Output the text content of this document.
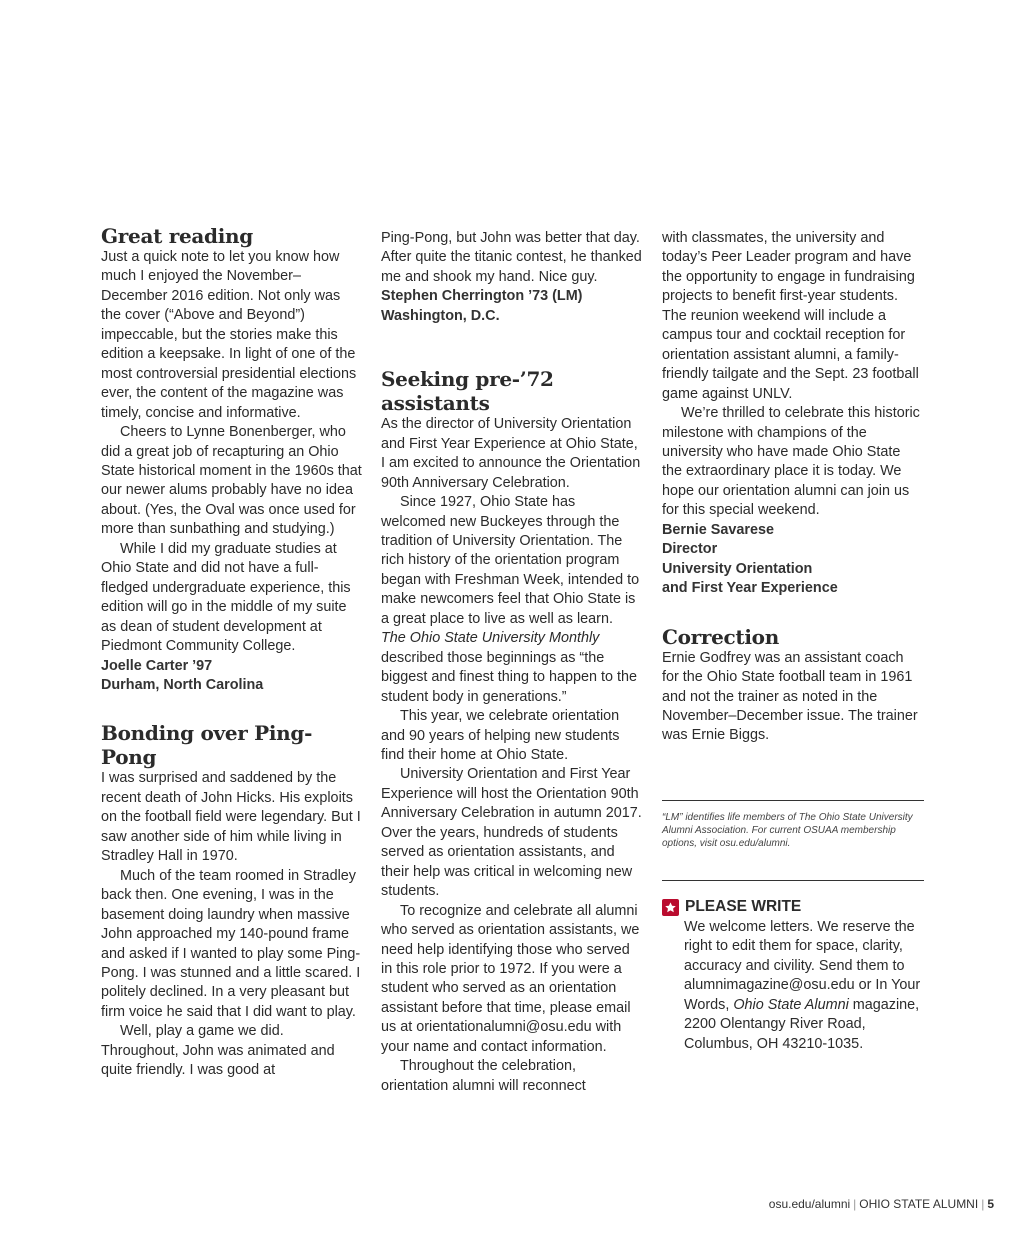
Great reading

Just a quick note to let you know how much I enjoyed the November–December 2016 edition. Not only was the cover (“Above and Beyond”) impeccable, but the stories make this edition a keepsake. In light of one of the most controversial presidential elections ever, the content of the magazine was timely, concise and informative.

Cheers to Lynne Bonenberger, who did a great job of recapturing an Ohio State historical moment in the 1960s that our newer alums probably have no idea about. (Yes, the Oval was once used for more than sunbathing and studying.)

While I did my graduate studies at Ohio State and did not have a full-fledged undergraduate experience, this edition will go in the middle of my suite as dean of student development at Piedmont Community College.

Joelle Carter ’97

Durham, North Carolina

Bonding over Ping-Pong

I was surprised and saddened by the recent death of John Hicks. His exploits on the football field were legendary. But I saw another side of him while living in Stradley Hall in 1970.

Much of the team roomed in Stradley back then. One evening, I was in the basement doing laundry when massive John approached my 140-pound frame and asked if I wanted to play some Ping-Pong. I was stunned and a little scared. I politely declined. In a very pleasant but firm voice he said that I did want to play.

Well, play a game we did. Throughout, John was animated and quite friendly. I was good at

Ping-Pong, but John was better that day. After quite the titanic contest, he thanked me and shook my hand. Nice guy.

Stephen Cherrington ’73 (LM)

Washington, D.C.

Seeking pre-’72 assistants

As the director of University Orientation and First Year Experience at Ohio State, I am excited to announce the Orientation 90th Anniversary Celebration.

Since 1927, Ohio State has welcomed new Buckeyes through the tradition of University Orientation. The rich history of the orientation program began with Freshman Week, intended to make newcomers feel that Ohio State is a great place to live as well as learn.

The Ohio State University Monthly described those beginnings as “the biggest and finest thing to happen to the student body in generations.”

This year, we celebrate orientation and 90 years of helping new students find their home at Ohio State.

University Orientation and First Year Experience will host the Orientation 90th Anniversary Celebration in autumn 2017. Over the years, hundreds of students served as orientation assistants, and their help was critical in welcoming new students.

To recognize and celebrate all alumni who served as orientation assistants, we need help identifying those who served in this role prior to 1972. If you were a student who served as an orientation assistant before that time, please email us at orientationalumni@osu.edu with your name and contact information.

Throughout the celebration, orientation alumni will reconnect

with classmates, the university and today’s Peer Leader program and have the opportunity to engage in fundraising projects to benefit first-year students. The reunion weekend will include a campus tour and cocktail reception for orientation assistant alumni, a family-friendly tailgate and the Sept. 23 football game against UNLV.

We’re thrilled to celebrate this historic milestone with champions of the university who have made Ohio State the extraordinary place it is today. We hope our orientation alumni can join us for this special weekend.

Bernie Savarese

Director

University Orientation

and First Year Experience

Correction

Ernie Godfrey was an assistant coach for the Ohio State football team in 1961 and not the trainer as noted in the November–December issue. The trainer was Ernie Biggs.

“LM” identifies life members of The Ohio State University Alumni Association. For current OSUAA membership options, visit osu.edu/alumni.
PLEASE WRITE

We welcome letters. We reserve the right to edit them for space, clarity, accuracy and civility. Send them to alumnimagazine@osu.edu or In Your Words, Ohio State Alumni magazine, 2200 Olentangy River Road, Columbus, OH 43210-1035.

osu.edu/alumni | OHIO STATE ALUMNI | 5
